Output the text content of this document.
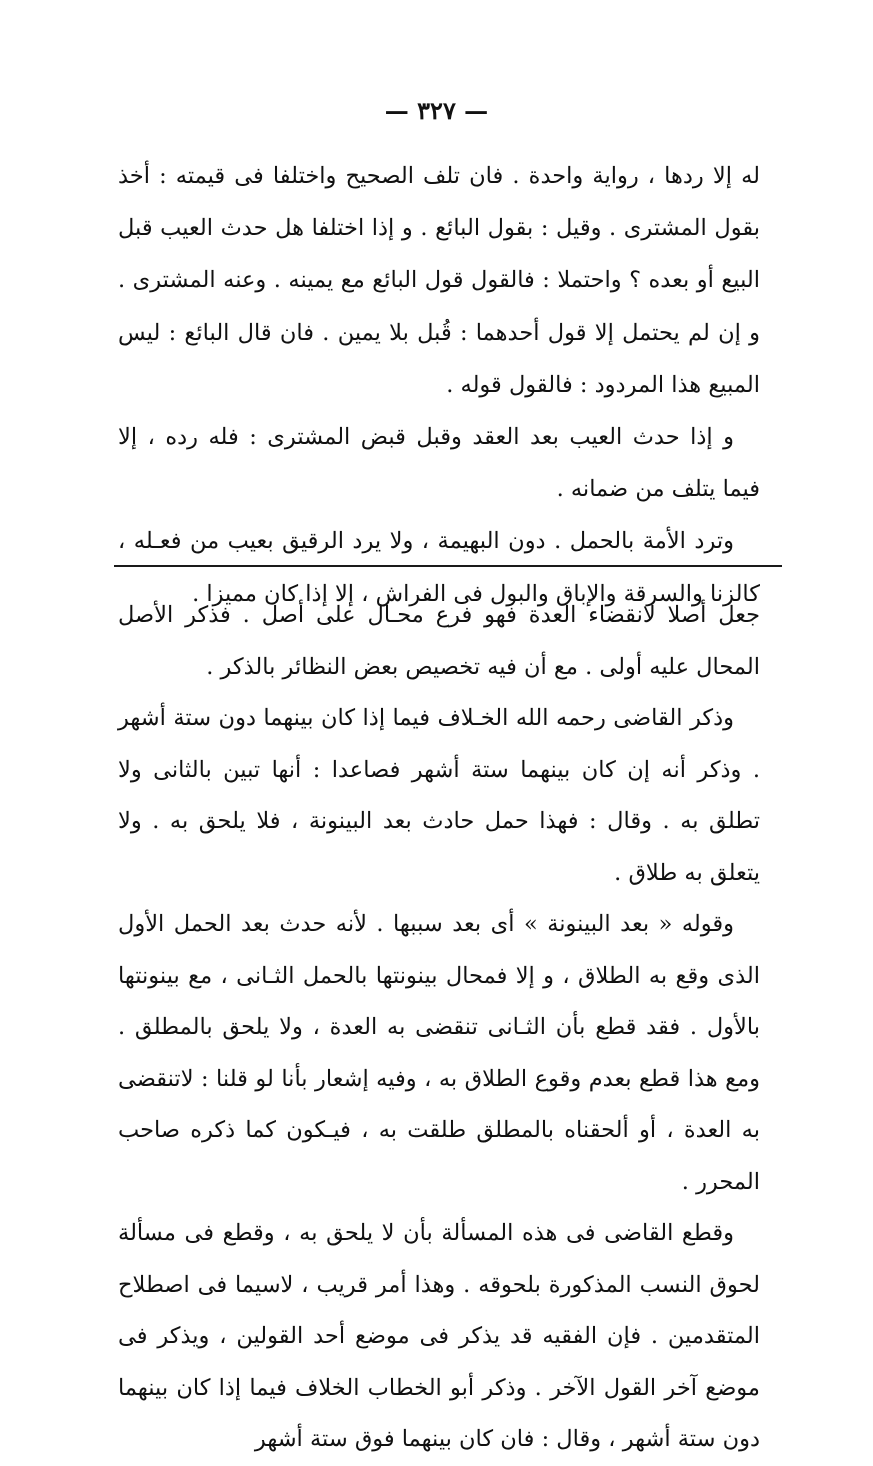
— ٣٢٧ —

له إلا ردها ، رواية واحدة . فان تلف الصحيح واختلفا فى قيمته : أخذ بقول المشترى . وقيل : بقول البائع . و إذا اختلفا هل حدث العيب قبل البيع أو بعده ؟ واحتملا : فالقول قول البائع مع يمينه . وعنه المشترى . و إن لم يحتمل إلا قول أحدهما : قُبل بلا يمين . فان قال البائع : ليس المبيع هذا المردود : فالقول قوله .

و إذا حدث العيب بعد العقد وقبل قبض المشترى : فله رده ، إلا فيما يتلف من ضمانه .

وترد الأمة بالحمل . دون البهيمة ، ولا يرد الرقيق بعيب من فعـله ، كالزنا والسرقة والإباق والبول فى الفراش ، إلا إذا كان مميزا .

جعل أصلا لانقضاء العدة فهو فرع محـال على أصل . فذكر الأصل المحال عليه أولى . مع أن فيه تخصيص بعض النظائر بالذكر .

وذكر القاضى رحمه الله الخـلاف فيما إذا كان بينهما دون ستة أشهر . وذكر أنه إن كان بينهما ستة أشهر فصاعدا : أنها تبين بالثانى ولا تطلق به . وقال : فهذا حمل حادث بعد البينونة ، فلا يلحق به . ولا يتعلق به طلاق .

وقوله « بعد البينونة » أى بعد سببها . لأنه حدث بعد الحمل الأول الذى وقع به الطلاق ، و إلا فمحال بينونتها بالحمل الثـانى ، مع بينونتها بالأول . فقد قطع بأن الثـانى تنقضى به العدة ، ولا يلحق بالمطلق . ومع هذا قطع بعدم وقوع الطلاق به ، وفيه إشعار بأنا لو قلنا : لاتنقضى به العدة ، أو ألحقناه بالمطلق طلقت به ، فيـكون كما ذكره صاحب المحرر .

وقطع القاضى فى هذه المسألة بأن لا يلحق به ، وقطع فى مسألة لحوق النسب المذكورة بلحوقه . وهذا أمر قريب ، لاسيما فى اصطلاح المتقدمين . فإن الفقيه قد يذكر فى موضع أحد القولين ، ويذكر فى موضع آخر القول الآخر . وذكر أبو الخطاب الخلاف فيما إذا كان بينهما دون ستة أشهر ، وقال : فان كان بينهما فوق ستة أشهر
